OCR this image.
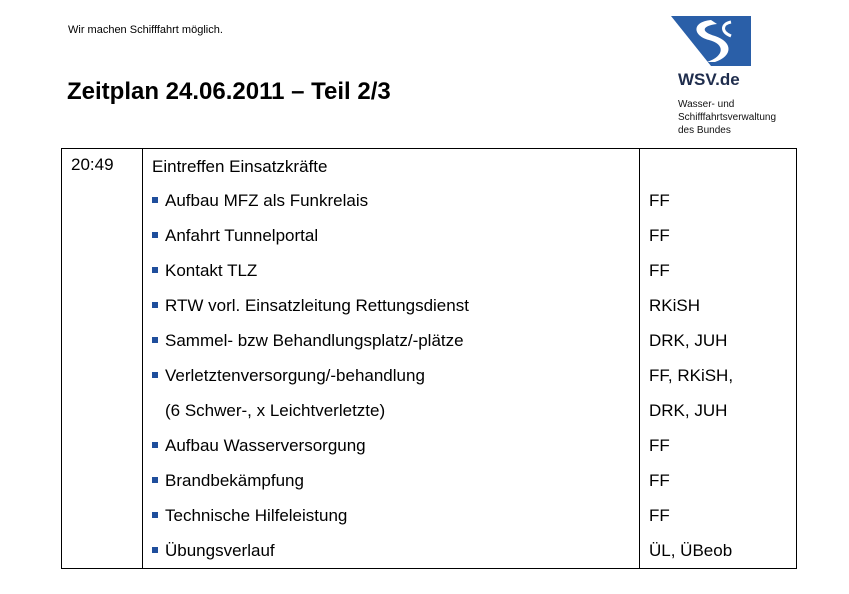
Wir machen Schifffahrt möglich.
Zeitplan 24.06.2011 – Teil 2/3	WSV.de
Wasser- und
Schifffahrtsverwaltung
des Bundes
20:49	Eintreffen Einsatzkräfte	
	Aufbau MFZ als Funkrelais	FF
	Anfahrt Tunnelportal	FF
	Kontakt TLZ	FF
	RTW vorl. Einsatzleitung Rettungsdienst	RKiSH
	Sammel- bzw Behandlungsplatz/-plätze	DRK, JUH
	Verletztenversorgung/-behandlung	FF, RKiSH,
	(6 Schwer-, x Leichtverletzte)	DRK, JUH
	Aufbau Wasserversorgung	FF
	Brandbekämpfung	FF
	Technische Hilfeleistung	FF
	Übungsverlauf	ÜL, ÜBeob
